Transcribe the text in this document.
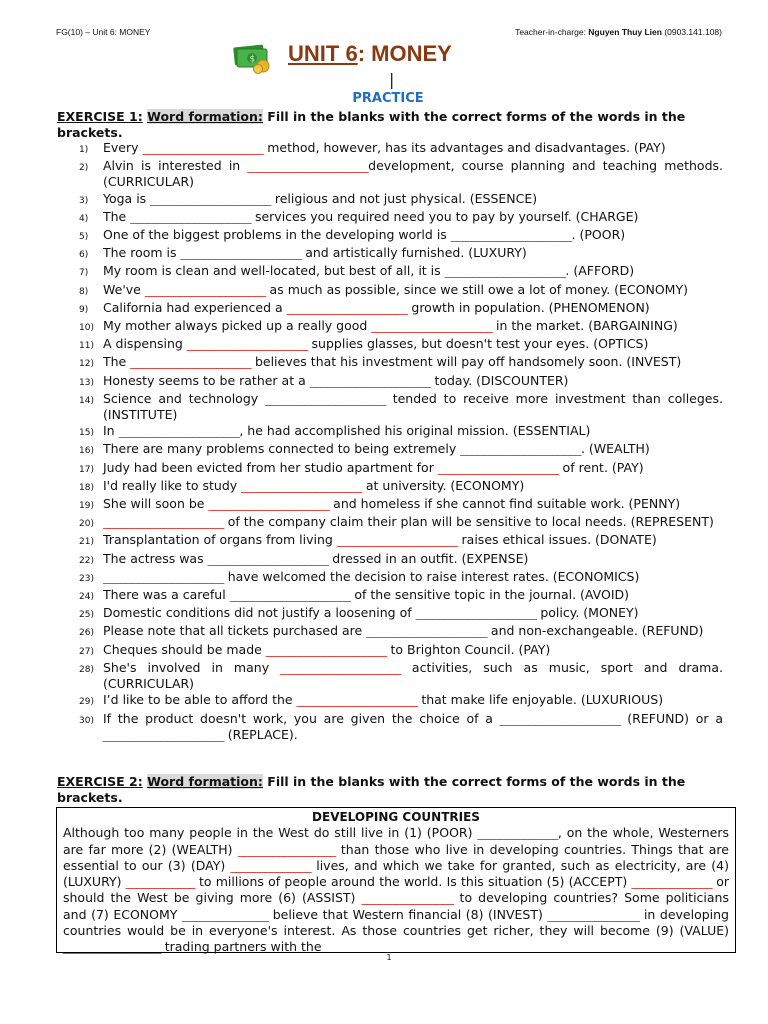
FG(10) – Unit 6: MONEY	Teacher-in-charge: Nguyen Thuy Lien (0903.141.108)
$ UNIT 6: MONEY
|
PRACTICE
EXERCISE 1: Word formation: Fill in the blanks with the correct forms of the words in the brackets.
1)	Every _____________________ method, however, has its advantages and disadvantages. (PAY)
2)	Alvin is interested in _____________________development, course planning and teaching methods. (CURRICULAR)
3)	Yoga is _____________________ religious and not just physical. (ESSENCE)
4)	The _____________________ services you required need you to pay by yourself. (CHARGE)
5)	One of the biggest problems in the developing world is _____________________. (POOR)
6)	The room is _____________________ and artistically furnished. (LUXURY)
7)	My room is clean and well-located, but best of all, it is _____________________. (AFFORD)
8)	We've _____________________ as much as possible, since we still owe a lot of money. (ECONOMY)
9)	California had experienced a _____________________ growth in population. (PHENOMENON)
10) My mother always picked up a really good _____________________ in the market. (BARGAINING)
11) A dispensing _____________________ supplies glasses, but doesn't test your eyes. (OPTICS)
12) The _____________________ believes that his investment will pay off handsomely soon. (INVEST)
13) Honesty seems to be rather at a _____________________ today. (DISCOUNTER)
14) Science and technology _____________________ tended to receive more investment than colleges. (INSTITUTE)
15) In _____________________, he had accomplished his original mission. (ESSENTIAL)
16) There are many problems connected to being extremely _____________________. (WEALTH)
17) Judy had been evicted from her studio apartment for _____________________ of rent. (PAY)
18) I'd really like to study _____________________ at university. (ECONOMY)
19) She will soon be _____________________ and homeless if she cannot find suitable work. (PENNY)
20) _____________________ of the company claim their plan will be sensitive to local needs. (REPRESENT)
21) Transplantation of organs from living _____________________ raises ethical issues. (DONATE)
22) The actress was _____________________ dressed in an outfit. (EXPENSE)
23) _____________________ have welcomed the decision to raise interest rates. (ECONOMICS)
24) There was a careful _____________________ of the sensitive topic in the journal. (AVOID)
25) Domestic conditions did not justify a loosening of _____________________ policy. (MONEY)
26) Please note that all tickets purchased are _____________________ and non-exchangeable. (REFUND)
27) Cheques should be made _____________________ to Brighton Council. (PAY)
28) She's involved in many _____________________ activities, such as music, sport and drama. (CURRICULAR)
29) I’d like to be able to afford the _____________________ that make life enjoyable. (LUXURIOUS)
30) If the product doesn't work, you are given the choice of a _____________________ (REFUND) or a _____________________ (REPLACE).
EXERCISE 2: Word formation: Fill in the blanks with the correct forms of the words in the brackets.
DEVELOPING COUNTRIES
Although too many people in the West do still live in (1) (POOR) ______________, on the whole, Westerners are far more (2) (WEALTH) _________________ than those who live in developing countries. Things that are essential to our (3) (DAY) ______________ lives, and which we take for granted, such as electricity, are (4) (LUXURY) ____________ to millions of people around the world. Is this situation (5) (ACCEPT) ______________ or should the West be giving more (6) (ASSIST) ________________ to developing countries? Some politicians and (7) ECONOMY _______________ believe that Western financial (8) (INVEST) ________________ in developing countries would be in everyone's interest. As those countries get richer, they will become (9) (VALUE) _________________ trading partners with the
1
